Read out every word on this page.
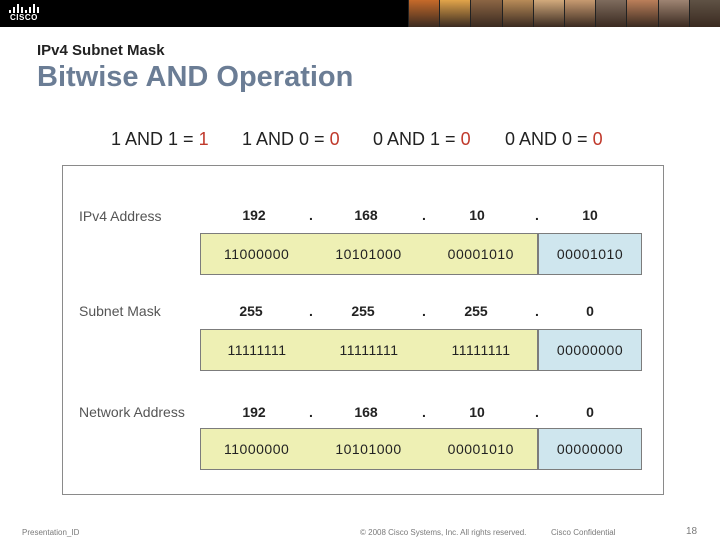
CISCO
IPv4 Subnet Mask
Bitwise AND Operation
1 AND 1 = 1 1 AND 0 = 0 0 AND 1 = 0 0 AND 0 = 0
IPv4 Address	192	.	168	.	10	.	10
11000000	10101000	00001010	00001010
Subnet Mask	255	.	255	.	255	.	0
11111111	11111111	11111111	00000000
Network Address	192	.	168	.	10	.	0
11000000	10101000	00001010	00000000
Presentation_ID	© 2008 Cisco Systems, Inc. All rights reserved.	Cisco Confidential	18
